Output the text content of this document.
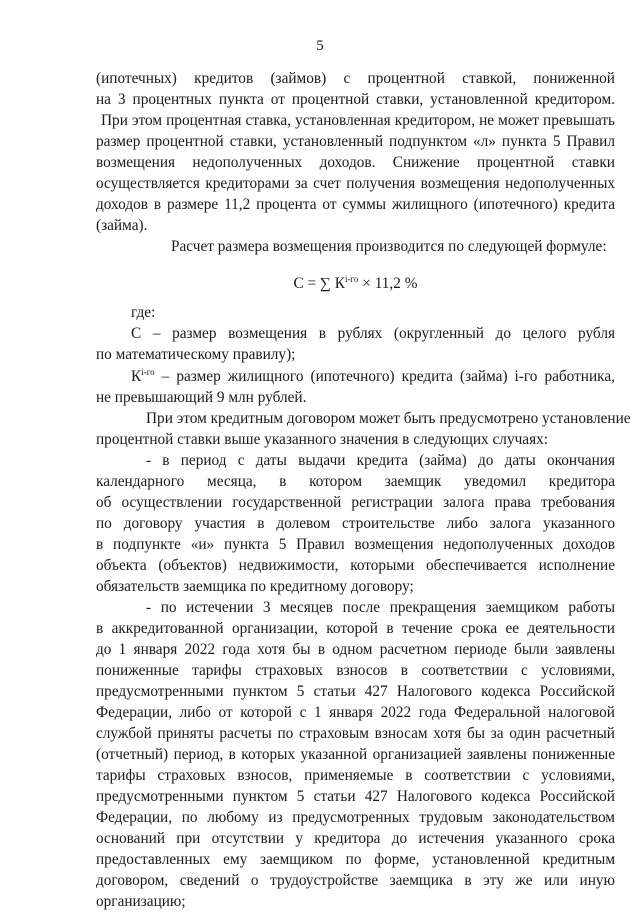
5
(ипотечных) кредитов (займов) с процентной ставкой, пониженной
на 3 процентных пункта от процентной ставки, установленной кредитором.
При этом процентная ставка, установленная кредитором, не может превышать
размер процентной ставки, установленный подпунктом «л» пункта 5 Правил
возмещения недополученных доходов. Снижение процентной ставки
осуществляется кредиторами за счет получения возмещения недополученных
доходов в размере 11,2 процента от суммы жилищного (ипотечного) кредита
(займа).
Расчет размера возмещения производится по следующей формуле:
С = ∑ $К^{i-го} \times 11,2$ %
где:
С – размер возмещения в рублях (округленный до целого рубля
по математическому правилу);
$К^{i-го}$ – размер жилищного (ипотечного) кредита (займа) i-го работника,
не превышающий 9 млн рублей.
При этом кредитным договором может быть предусмотрено установление
процентной ставки выше указанного значения в следующих случаях:
- в период с даты выдачи кредита (займа) до даты окончания
календарного месяца, в котором заемщик уведомил кредитора
об осуществлении государственной регистрации залога права требования
по договору участия в долевом строительстве либо залога указанного
в подпункте «и» пункта 5 Правил возмещения недополученных доходов
объекта (объектов) недвижимости, которыми обеспечивается исполнение
обязательств заемщика по кредитному договору;
- по истечении 3 месяцев после прекращения заемщиком работы
в аккредитованной организации, которой в течение срока ее деятельности
до 1 января 2022 года хотя бы в одном расчетном периоде были заявлены
пониженные тарифы страховых взносов в соответствии с условиями,
предусмотренными пунктом 5 статьи 427 Налогового кодекса Российской
Федерации, либо от которой с 1 января 2022 года Федеральной налоговой
службой приняты расчеты по страховым взносам хотя бы за один расчетный
(отчетный) период, в которых указанной организацией заявлены пониженные
тарифы страховых взносов, применяемые в соответствии с условиями,
предусмотренными пунктом 5 статьи 427 Налогового кодекса Российской
Федерации, по любому из предусмотренных трудовым законодательством
оснований при отсутствии у кредитора до истечения указанного срока
предоставленных ему заемщиком по форме, установленной кредитным
договором, сведений о трудоустройстве заемщика в эту же или иную
организацию;
